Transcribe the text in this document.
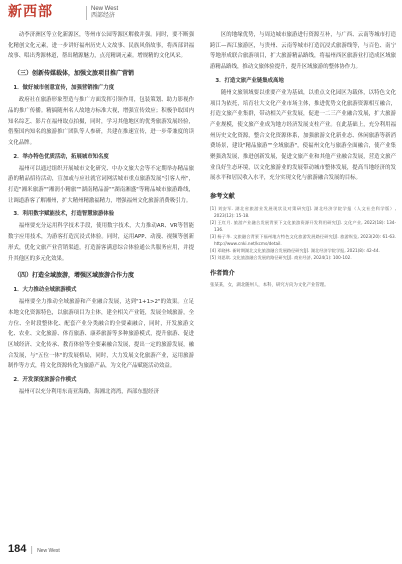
新西部	New West
西部经济

动李济洲区等立化新源区，等州市公园等源区解救并强。同时，要不断强化精创文化元素，进一步讲好福州历史人文故事、民族风俗故事，将西部讲福故事、唱出秀源林道，帮出精源魅力，点亮精调元素。增规精的文化风采。

（三）创新传媒载体，加强文旅项目推广营销
1．做好城市创意宣传，加强营销推广力度

政府社在旅游形象塑造与推广方面发挥引领作用，包装策划、助力影视作品的推广传播。精搞随州名人故地方标准大视，增强宣传效应；积极争取国内知名综艺、影片在福州取点拍摄，同时，学习其他地区的优秀旅游发展经验，借鉴国内知名的旅游推广团队等人参研，共建在推速宣传，进一步带兼度的读文化品牌。

2．举办特色优质活动，拓展城市知名度

福州可以通过组织开展城市文化研究、中办文旅大会等不定期举办精品旅游的精品招待活动，宣加或与应社就官词网活城市重点旅游发展"引客人州"，打造"湘米旅游""湘润小精旅""湖南精品游""湖南湘盛"等精品城市旅游路线，让调道游客了解湘州，扩大精州精激福精力，增强福州文化旅游消费吸引力。

3．利用数字赋能技术，打造智慧旅游体验

福州要充分运用科学技术手段，使用数字技术，大力推动AR、VR等智能数字应用技术，为游客打造沉浸式体验。同时，运用APP、动漫、视频等创新形式，优化文旅产业营销渠道，打造游客满意综合体验通公共服务应用，并提升其他区的多元化效果。

（四）打造全域旅游，增强区域旅游合作力度
1．大力推动全域旅游模式

福州要全力推动全域旅游和产业融合发展，达到"1+1>2"的效果。立足本地文化资源特色，以旅游项目为主体，建全相关产业链，发展全域旅游，全方位、全时段整体化、配套产业分类融合的全要素融合，同时，开发旅游文化、农业、文化旅游、体育旅游、康养旅游等多种旅游模式，提升旅游、促进区域经济、文化传承、教育体验等全要素融合发展，提出一定的旅游发展，融合发展，与"五位一体"的发展格局，同时，大力发展文化旅游产业，运用旅游制作等方式，将文化资源转化为旅游产品，为文化产品赋能活动效益。

2．开发深度旅游合作模式

福州可以充分利用东南亚海路，海湘北湾湾，西部东盟经济

区的地缘优势，与周边城市旅游进行资源互补，与广西、云南等城市打造跨江—西江旅游区，与贵州、云南等城市打造沉浸式旅游线等，与百色、南宁等地形成联合旅游项目，扩大旅游精品路线，将福州西区旅游业打造成区域旅游精品路线，推动文旅体验提升，提升区域旅游的整体协作力。

3．打造文旅产业链集成高地

随州文旅领域要以重要产业为基础，以重点文化园区为载体，以特色文化项目为依托，培育壮大文化产业市场主体，推进优势文化旅游资源相互融合，打造文旅产业集群，带动相关产业发展，促进一二三产业融合发展，扩大旅游产业规模，使文旅产业成为地方经济发展支柱产业。在此基础上，充分利用福州历史文化资源，整合文化资源体系，加强旅游文化新业态、休闲旅游等新消费场景，建设"精品旅游""全域旅游"，使福州文化与旅游全面融合，使产业集聚强劲发展，推进创新发展，促进文旅产业和其他产业融合发展，营造文旅产业良好生态环境，以文化旅游业的发展带动城市整体发展，提高当地经济的发展水平和居民收入水平，充分实现文化与旅游融合发展的目标。

参考文献

[1] 刘安军. 湖北省旅游业发展现状及对策研究[J]. 湖北经济学院学报（人文社会科学版）, 2023(12): 15-18.

[2] 王红月. 旅游产业融合发展背景下文化旅游资源开发利用研究[J]. 文化产业, 2022(18): 134-136.

[3] 杨子华. 文旅融合背景下福州地方特色文化旅游发展路径研究[J]. 旅游纵览, 2023(20): 61-63. http://www.cnki.net/kcms/detail.

[4] 邓晓林. 新时期湖北文化旅游融合发展路径研究[J]. 湖北经济学院学报, 2021(8): 42-44.

[5] 刘思琪. 文化旅游融合发展的路径研究[J]. 商业经济, 2024(1): 100-102.

作者简介

张某某，女，湖北随州人，本科，研究方向为文化产业管理。

184 | New West
